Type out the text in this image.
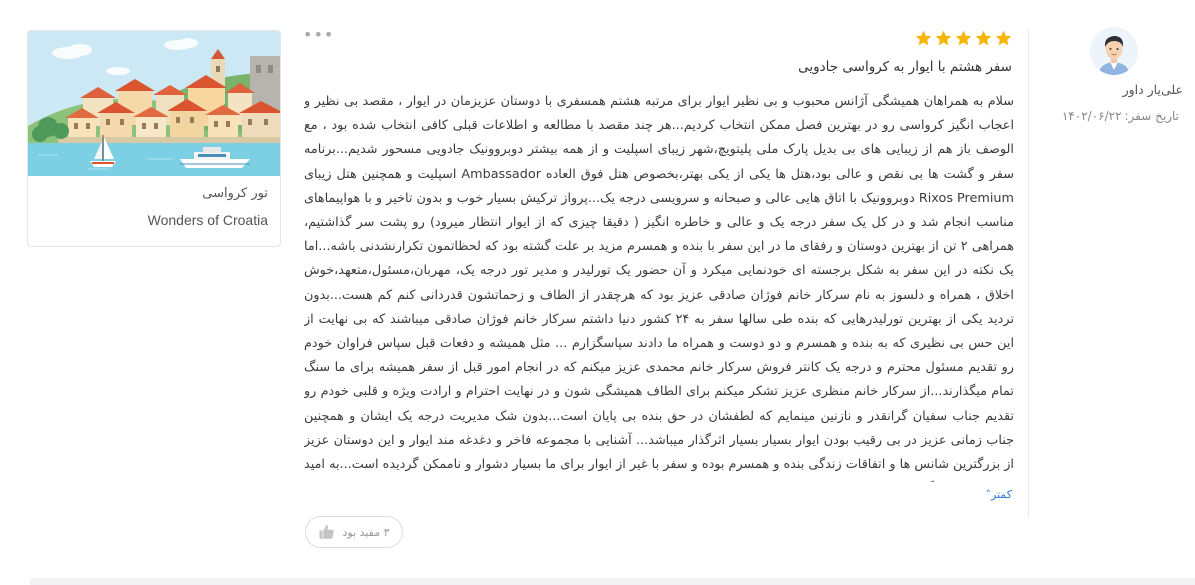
تور کرواسی
Wonders of Croatia
•••
سفر هشتم با ایوار به کرواسی جادویی
سلام به همراهان همیشگی آژانس محبوب و بی نظیر ایوار برای مرتبه هشتم همسفری با دوستان عزیزمان در ایوار ، مقصد بی نظیر و اعجاب انگیز کرواسی رو در بهترین فصل ممکن انتخاب کردیم...هر چند مقصد با مطالعه و اطلاعات قبلی کافی انتخاب شده بود ، مع الوصف باز هم از زیبایی های بی بدیل پارک ملی پلیتویچ،شهر زیبای اسپلیت و از همه بیشتر دوبروونیک جادویی مسحور شدیم...برنامه سفر و گشت ها بی نقص و عالی بود،هتل ها یکی از یکی بهتر،بخصوص هتل فوق العاده Ambassador اسپلیت و همچنین هتل زیبای Rixos Premium دوبروونیک با اتاق هایی عالی و صبحانه و سرویسی درجه یک...پرواز ترکیش بسیار خوب و بدون تاخیر و با هواپیماهای مناسب انجام شد و در کل یک سفر درجه یک و عالی و خاطره انگیز ( دقیقا چیزی که از ایوار انتظار میرود) رو پشت سر گذاشتیم، همراهی ۲ تن از بهترین دوستان و رفقای ما در این سفر با بنده و همسرم مزید بر علت گشته بود که لحظاتمون تکرارنشدنی باشه...اما یک نکته در این سفر به شکل برجسته ای خودنمایی میکرد و آن حضور یک تورلیدر و مدیر تور درجه یک، مهربان،مسئول،متعهد،خوش اخلاق ، همراه و دلسوز به نام سرکار خانم فوژان صادقی عزیز بود که هرچقدر از الطاف و زحماتشون قدردانی کنم کم هست...بدون تردید یکی از بهترین تورلیدرهایی که بنده طی سالها سفر به ۲۴ کشور دنیا داشتم سرکار خانم فوژان صادقی میباشند که بی نهایت از این حس بی نظیری که به بنده و همسرم و دو دوست و همراه ما دادند سپاسگزارم ... مثل همیشه و دفعات قبل سپاس فراوان خودم رو تقدیم مسئول محترم و درجه یک کانتر فروش سرکار خانم محمدی عزیز میکنم که در انجام امور قبل از سفر همیشه برای ما سنگ تمام میگذارند...از سرکار خانم منظری عزیز تشکر میکنم برای الطاف همیشگی شون و در نهایت احترام و ارادت ویژه و قلبی خودم رو تقدیم جناب سفیان گرانقدر و نازنین مینمایم که لطفشان در حق بنده بی پایان است...بدون شک مدیریت درجه یک ایشان و همچنین جناب زمانی عزیز در بی رقیب بودن ایوار بسیار بسیار اثرگذار میباشد... آشنایی با مجموعه فاخر و دغدغه مند ایوار و این دوستان عزیز از بزرگترین شانس ها و اتفاقات زندگی بنده و همسرم بوده و سفر با غیر از ایوار برای ما بسیار دشوار و ناممکن گردیده است...به امید
کمتر˄
۳ مفید بود
علی‌یار داور
تاریخ سفر:۱۴۰۲/۰۶/۲۲
